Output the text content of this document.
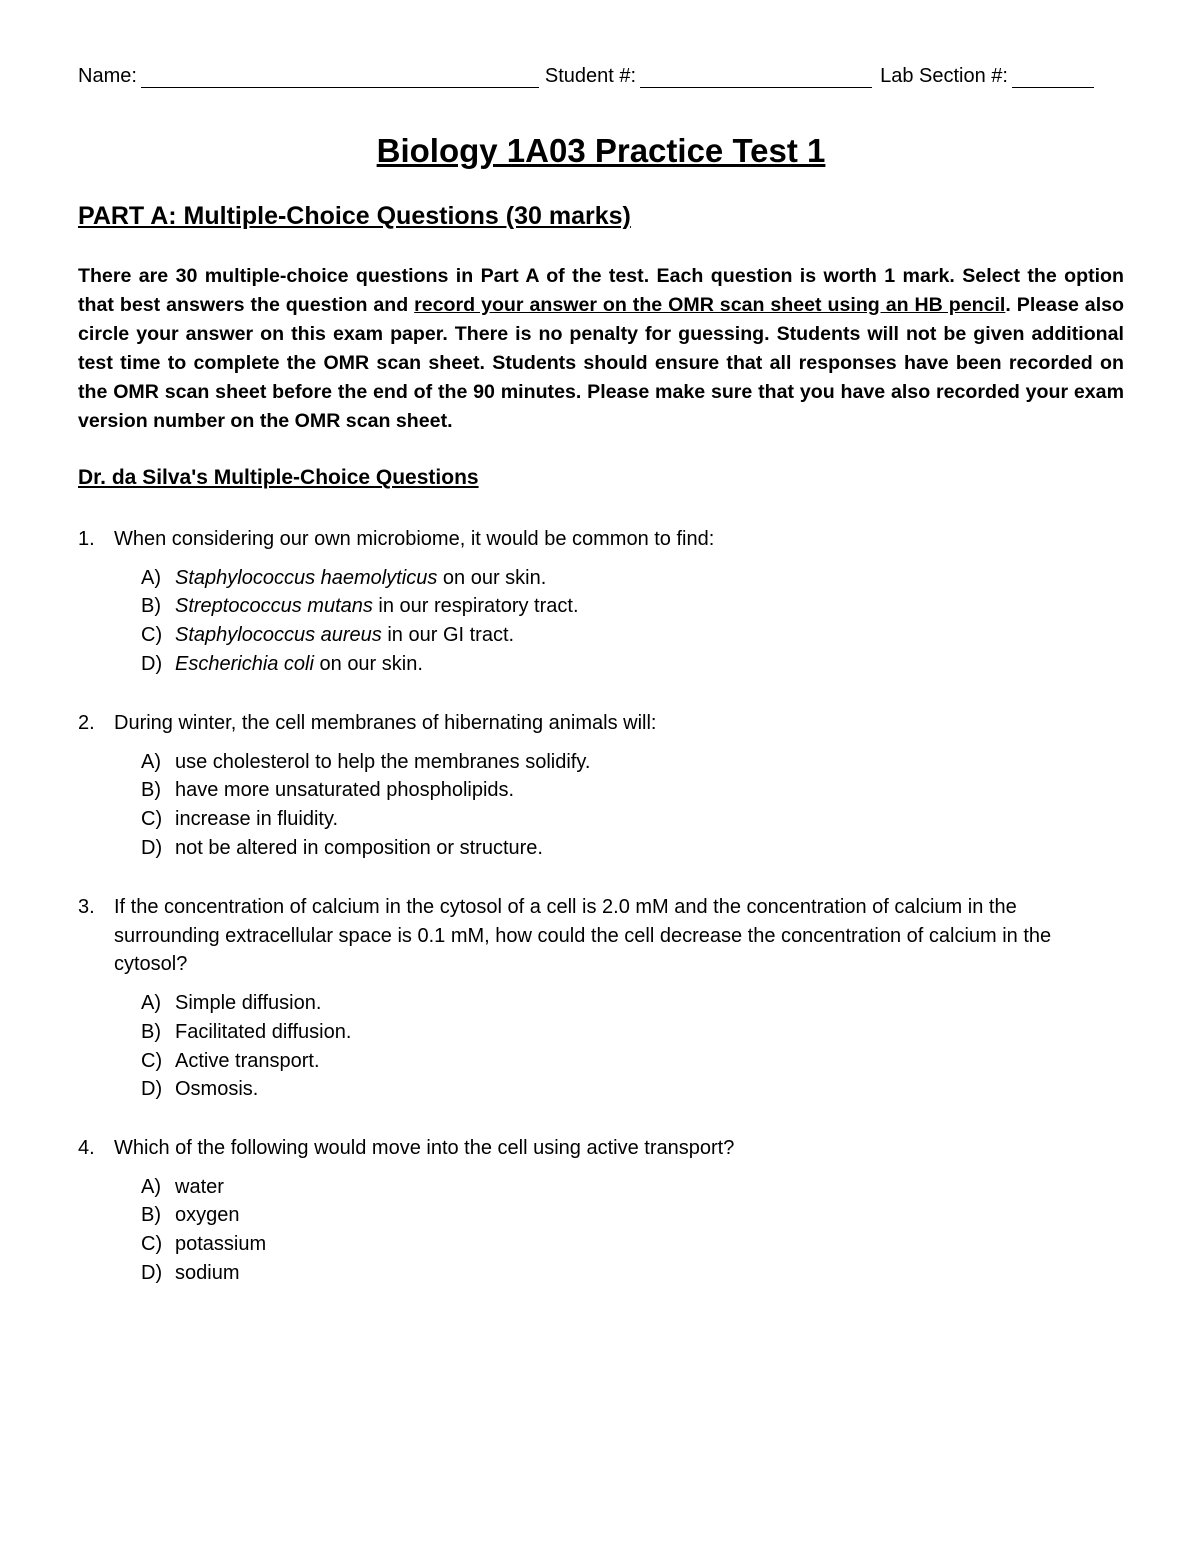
Name:	Student #:	Lab Section #:
Biology 1A03 Practice Test 1
PART A: Multiple-Choice Questions (30 marks)
There are 30 multiple-choice questions in Part A of the test. Each question is worth 1 mark. Select the option that best answers the question and record your answer on the OMR scan sheet using an HB pencil. Please also circle your answer on this exam paper. There is no penalty for guessing. Students will not be given additional test time to complete the OMR scan sheet. Students should ensure that all responses have been recorded on the OMR scan sheet before the end of the 90 minutes. Please make sure that you have also recorded your exam version number on the OMR scan sheet.
Dr. da Silva's Multiple-Choice Questions
1. When considering our own microbiome, it would be common to find:
A) Staphylococcus haemolyticus on our skin.
B) Streptococcus mutans in our respiratory tract.
C) Staphylococcus aureus in our GI tract.
D) Escherichia coli on our skin.
2. During winter, the cell membranes of hibernating animals will:
A) use cholesterol to help the membranes solidify.
B) have more unsaturated phospholipids.
C) increase in fluidity.
D) not be altered in composition or structure.
3. If the concentration of calcium in the cytosol of a cell is 2.0 mM and the concentration of calcium in the surrounding extracellular space is 0.1 mM, how could the cell decrease the concentration of calcium in the cytosol?
A) Simple diffusion.
B) Facilitated diffusion.
C) Active transport.
D) Osmosis.
4. Which of the following would move into the cell using active transport?
A) water
B) oxygen
C) potassium
D) sodium
